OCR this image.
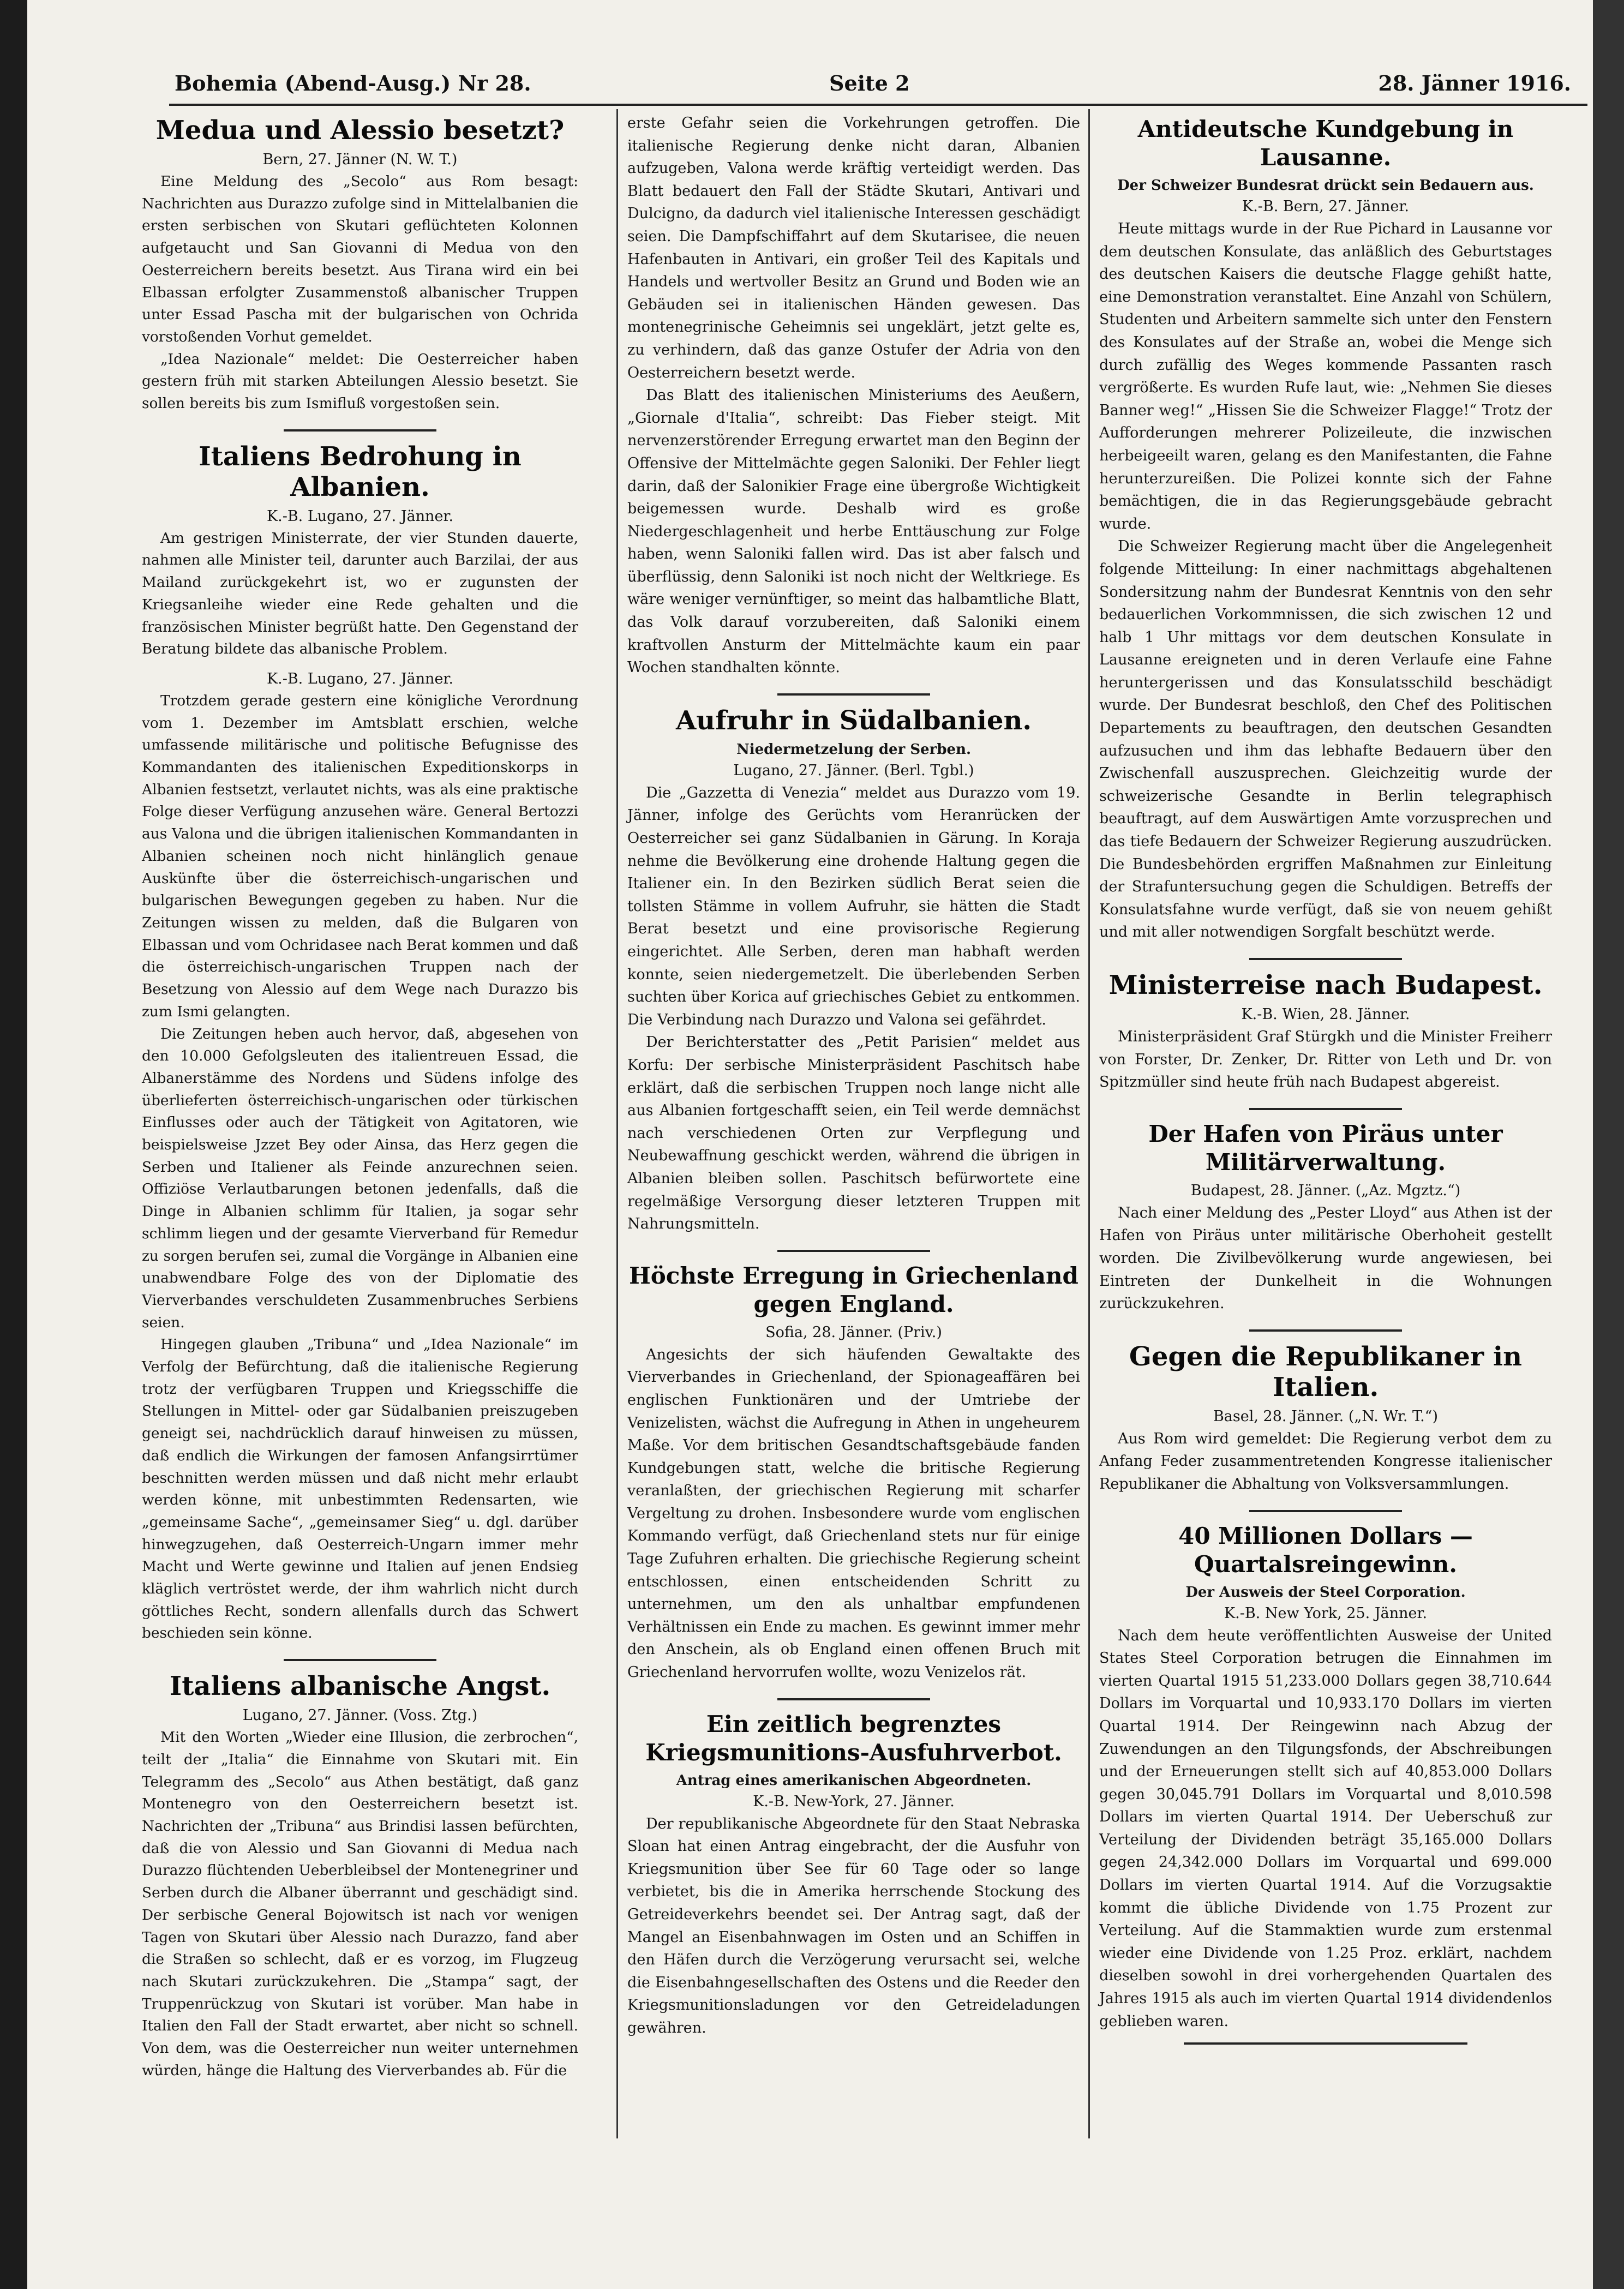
Bohemia (Abend-Ausg.) Nr 28.	Seite 2	28. Jänner 1916.
Medua und Alessio besetzt?
Bern, 27. Jänner (N. W. T.)

Eine Meldung des „Secolo“ aus Rom besagt: Nachrichten aus Durazzo zufolge sind in Mittelalbanien die ersten serbischen von Skutari geflüchteten Kolonnen aufgetaucht und San Giovanni di Medua von den Oesterreichern bereits besetzt. Aus Tirana wird ein bei Elbassan erfolgter Zusammenstoß albanischer Truppen unter Essad Pascha mit der bulgarischen von Ochrida vorstoßenden Vorhut gemeldet.

„Idea Nazionale“ meldet: Die Oesterreicher haben gestern früh mit starken Abteilungen Alessio besetzt. Sie sollen bereits bis zum Ismifluß vorgestoßen sein.

Italiens Bedrohung in Albanien.
K.-B. Lugano, 27. Jänner.

Am gestrigen Ministerrate, der vier Stunden dauerte, nahmen alle Minister teil, darunter auch Barzilai, der aus Mailand zurückgekehrt ist, wo er zugunsten der Kriegsanleihe wieder eine Rede gehalten und die französischen Minister begrüßt hatte. Den Gegenstand der Beratung bildete das albanische Problem.

K.-B. Lugano, 27. Jänner.

Trotzdem gerade gestern eine königliche Verordnung vom 1. Dezember im Amtsblatt erschien, welche umfassende militärische und politische Befugnisse des Kommandanten des italienischen Expeditionskorps in Albanien festsetzt, verlautet nichts, was als eine praktische Folge dieser Verfügung anzusehen wäre. General Bertozzi aus Valona und die übrigen italienischen Kommandanten in Albanien scheinen noch nicht hinlänglich genaue Auskünfte über die österreichisch-ungarischen und bulgarischen Bewegungen gegeben zu haben. Nur die Zeitungen wissen zu melden, daß die Bulgaren von Elbassan und vom Ochridasee nach Berat kommen und daß die österreichisch-ungarischen Truppen nach der Besetzung von Alessio auf dem Wege nach Durazzo bis zum Ismi gelangten.

Die Zeitungen heben auch hervor, daß, abgesehen von den 10.000 Gefolgsleuten des italientreuen Essad, die Albanerstämme des Nordens und Südens infolge des überlieferten österreichisch-ungarischen oder türkischen Einflusses oder auch der Tätigkeit von Agitatoren, wie beispielsweise Jzzet Bey oder Ainsa, das Herz gegen die Serben und Italiener als Feinde anzurechnen seien. Offiziöse Verlautbarungen betonen jedenfalls, daß die Dinge in Albanien schlimm für Italien, ja sogar sehr schlimm liegen und der gesamte Vierverband für Remedur zu sorgen berufen sei, zumal die Vorgänge in Albanien eine unabwendbare Folge des von der Diplomatie des Vierverbandes verschuldeten Zusammenbruches Serbiens seien.

Hingegen glauben „Tribuna“ und „Idea Nazionale“ im Verfolg der Befürchtung, daß die italienische Regierung trotz der verfügbaren Truppen und Kriegsschiffe die Stellungen in Mittel- oder gar Südalbanien preiszugeben geneigt sei, nachdrücklich darauf hinweisen zu müssen, daß endlich die Wirkungen der famosen Anfangsirrtümer beschnitten werden müssen und daß nicht mehr erlaubt werden könne, mit unbestimmten Redensarten, wie „gemeinsame Sache“, „gemeinsamer Sieg“ u. dgl. darüber hinwegzugehen, daß Oesterreich-Ungarn immer mehr Macht und Werte gewinne und Italien auf jenen Endsieg kläglich vertröstet werde, der ihm wahrlich nicht durch göttliches Recht, sondern allenfalls durch das Schwert beschieden sein könne.

Italiens albanische Angst.
Lugano, 27. Jänner. (Voss. Ztg.)

Mit den Worten „Wieder eine Illusion, die zerbrochen“, teilt der „Italia“ die Einnahme von Skutari mit. Ein Telegramm des „Secolo“ aus Athen bestätigt, daß ganz Montenegro von den Oesterreichern besetzt ist. Nachrichten der „Tribuna“ aus Brindisi lassen befürchten, daß die von Alessio und San Giovanni di Medua nach Durazzo flüchtenden Ueberbleibsel der Montenegriner und Serben durch die Albaner überrannt und geschädigt sind. Der serbische General Bojowitsch ist nach vor wenigen Tagen von Skutari über Alessio nach Durazzo, fand aber die Straßen so schlecht, daß er es vorzog, im Flugzeug nach Skutari zurückzukehren. Die „Stampa“ sagt, der Truppenrückzug von Skutari ist vorüber. Man habe in Italien den Fall der Stadt erwartet, aber nicht so schnell. Von dem, was die Oesterreicher nun weiter unternehmen würden, hänge die Haltung des Vierverbandes ab. Für die

erste Gefahr seien die Vorkehrungen getroffen. Die italienische Regierung denke nicht daran, Albanien aufzugeben, Valona werde kräftig verteidigt werden. Das Blatt bedauert den Fall der Städte Skutari, Antivari und Dulcigno, da dadurch viel italienische Interessen geschädigt seien. Die Dampfschiffahrt auf dem Skutarisee, die neuen Hafenbauten in Antivari, ein großer Teil des Kapitals und Handels und wertvoller Besitz an Grund und Boden wie an Gebäuden sei in italienischen Händen gewesen. Das montenegrinische Geheimnis sei ungeklärt, jetzt gelte es, zu verhindern, daß das ganze Ostufer der Adria von den Oesterreichern besetzt werde.

Das Blatt des italienischen Ministeriums des Aeußern, „Giornale d'Italia“, schreibt: Das Fieber steigt. Mit nervenzerstörender Erregung erwartet man den Beginn der Offensive der Mittelmächte gegen Saloniki. Der Fehler liegt darin, daß der Salonikier Frage eine übergroße Wichtigkeit beigemessen wurde. Deshalb wird es große Niedergeschlagenheit und herbe Enttäuschung zur Folge haben, wenn Saloniki fallen wird. Das ist aber falsch und überflüssig, denn Saloniki ist noch nicht der Weltkriege. Es wäre weniger vernünftiger, so meint das halbamtliche Blatt, das Volk darauf vorzubereiten, daß Saloniki einem kraftvollen Ansturm der Mittelmächte kaum ein paar Wochen standhalten könnte.

Aufruhr in Südalbanien.
Niedermetzelung der Serben.
Lugano, 27. Jänner. (Berl. Tgbl.)

Die „Gazzetta di Venezia“ meldet aus Durazzo vom 19. Jänner, infolge des Gerüchts vom Heranrücken der Oesterreicher sei ganz Südalbanien in Gärung. In Koraja nehme die Bevölkerung eine drohende Haltung gegen die Italiener ein. In den Bezirken südlich Berat seien die tollsten Stämme in vollem Aufruhr, sie hätten die Stadt Berat besetzt und eine provisorische Regierung eingerichtet. Alle Serben, deren man habhaft werden konnte, seien niedergemetzelt. Die überlebenden Serben suchten über Korica auf griechisches Gebiet zu entkommen. Die Verbindung nach Durazzo und Valona sei gefährdet.

Der Berichterstatter des „Petit Parisien“ meldet aus Korfu: Der serbische Ministerpräsident Paschitsch habe erklärt, daß die serbischen Truppen noch lange nicht alle aus Albanien fortgeschafft seien, ein Teil werde demnächst nach verschiedenen Orten zur Verpflegung und Neubewaffnung geschickt werden, während die übrigen in Albanien bleiben sollen. Paschitsch befürwortete eine regelmäßige Versorgung dieser letzteren Truppen mit Nahrungsmitteln.

Höchste Erregung in Griechenland gegen England.
Sofia, 28. Jänner. (Priv.)

Angesichts der sich häufenden Gewaltakte des Vierverbandes in Griechenland, der Spionageaffären bei englischen Funktionären und der Umtriebe der Venizelisten, wächst die Aufregung in Athen in ungeheurem Maße. Vor dem britischen Gesandtschaftsgebäude fanden Kundgebungen statt, welche die britische Regierung veranlaßten, der griechischen Regierung mit scharfer Vergeltung zu drohen. Insbesondere wurde vom englischen Kommando verfügt, daß Griechenland stets nur für einige Tage Zufuhren erhalten. Die griechische Regierung scheint entschlossen, einen entscheidenden Schritt zu unternehmen, um den als unhaltbar empfundenen Verhältnissen ein Ende zu machen. Es gewinnt immer mehr den Anschein, als ob England einen offenen Bruch mit Griechenland hervorrufen wollte, wozu Venizelos rät.

Ein zeitlich begrenztes Kriegsmunitions-Ausfuhrverbot.
Antrag eines amerikanischen Abgeordneten.
K.-B. New-York, 27. Jänner.

Der republikanische Abgeordnete für den Staat Nebraska Sloan hat einen Antrag eingebracht, der die Ausfuhr von Kriegsmunition über See für 60 Tage oder so lange verbietet, bis die in Amerika herrschende Stockung des Getreideverkehrs beendet sei. Der Antrag sagt, daß der Mangel an Eisenbahnwagen im Osten und an Schiffen in den Häfen durch die Verzögerung verursacht sei, welche die Eisenbahngesellschaften des Ostens und die Reeder den Kriegsmunitionsladungen vor den Getreideladungen gewähren.

Antideutsche Kundgebung in Lausanne.
Der Schweizer Bundesrat drückt sein Bedauern aus.
K.-B. Bern, 27. Jänner.

Heute mittags wurde in der Rue Pichard in Lausanne vor dem deutschen Konsulate, das anläßlich des Geburtstages des deutschen Kaisers die deutsche Flagge gehißt hatte, eine Demonstration veranstaltet. Eine Anzahl von Schülern, Studenten und Arbeitern sammelte sich unter den Fenstern des Konsulates auf der Straße an, wobei die Menge sich durch zufällig des Weges kommende Passanten rasch vergrößerte. Es wurden Rufe laut, wie: „Nehmen Sie dieses Banner weg!“ „Hissen Sie die Schweizer Flagge!“ Trotz der Aufforderungen mehrerer Polizeileute, die inzwischen herbeigeeilt waren, gelang es den Manifestanten, die Fahne herunterzureißen. Die Polizei konnte sich der Fahne bemächtigen, die in das Regierungsgebäude gebracht wurde.

Die Schweizer Regierung macht über die Angelegenheit folgende Mitteilung: In einer nachmittags abgehaltenen Sondersitzung nahm der Bundesrat Kenntnis von den sehr bedauerlichen Vorkommnissen, die sich zwischen 12 und halb 1 Uhr mittags vor dem deutschen Konsulate in Lausanne ereigneten und in deren Verlaufe eine Fahne heruntergerissen und das Konsulatsschild beschädigt wurde. Der Bundesrat beschloß, den Chef des Politischen Departements zu beauftragen, den deutschen Gesandten aufzusuchen und ihm das lebhafte Bedauern über den Zwischenfall auszusprechen. Gleichzeitig wurde der schweizerische Gesandte in Berlin telegraphisch beauftragt, auf dem Auswärtigen Amte vorzusprechen und das tiefe Bedauern der Schweizer Regierung auszudrücken. Die Bundesbehörden ergriffen Maßnahmen zur Einleitung der Strafuntersuchung gegen die Schuldigen. Betreffs der Konsulatsfahne wurde verfügt, daß sie von neuem gehißt und mit aller notwendigen Sorgfalt beschützt werde.

Ministerreise nach Budapest.
K.-B. Wien, 28. Jänner.

Ministerpräsident Graf Stürgkh und die Minister Freiherr von Forster, Dr. Zenker, Dr. Ritter von Leth und Dr. von Spitzmüller sind heute früh nach Budapest abgereist.

Der Hafen von Piräus unter Militärverwaltung.
Budapest, 28. Jänner. („Az. Mgztz.“)

Nach einer Meldung des „Pester Lloyd“ aus Athen ist der Hafen von Piräus unter militärische Oberhoheit gestellt worden. Die Zivilbevölkerung wurde angewiesen, bei Eintreten der Dunkelheit in die Wohnungen zurückzukehren.

Gegen die Republikaner in Italien.
Basel, 28. Jänner. („N. Wr. T.“)

Aus Rom wird gemeldet: Die Regierung verbot dem zu Anfang Feder zusammentretenden Kongresse italienischer Republikaner die Abhaltung von Volksversammlungen.

40 Millionen Dollars — Quartalsreingewinn.
Der Ausweis der Steel Corporation.
K.-B. New York, 25. Jänner.

Nach dem heute veröffentlichten Ausweise der United States Steel Corporation betrugen die Einnahmen im vierten Quartal 1915 51,233.000 Dollars gegen 38,710.644 Dollars im Vorquartal und 10,933.170 Dollars im vierten Quartal 1914. Der Reingewinn nach Abzug der Zuwendungen an den Tilgungsfonds, der Abschreibungen und der Erneuerungen stellt sich auf 40,853.000 Dollars gegen 30,045.791 Dollars im Vorquartal und 8,010.598 Dollars im vierten Quartal 1914. Der Ueberschuß zur Verteilung der Dividenden beträgt 35,165.000 Dollars gegen 24,342.000 Dollars im Vorquartal und 699.000 Dollars im vierten Quartal 1914. Auf die Vorzugsaktie kommt die übliche Dividende von 1.75 Prozent zur Verteilung. Auf die Stammaktien wurde zum erstenmal wieder eine Dividende von 1.25 Proz. erklärt, nachdem dieselben sowohl in drei vorhergehenden Quartalen des Jahres 1915 als auch im vierten Quartal 1914 dividendenlos geblieben waren.
